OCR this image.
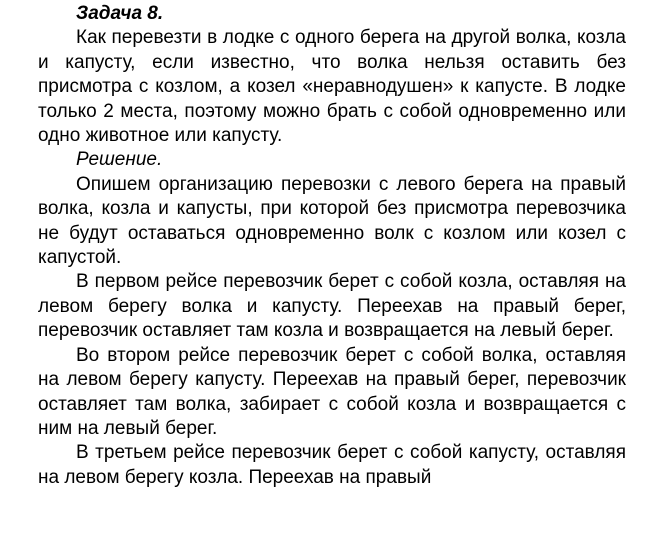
Задача 8.

Как перевезти в лодке с одного берега на другой волка, козла и капусту, если известно, что волка нельзя оставить без присмотра с козлом, а козел «неравнодушен» к капусте. В лодке только 2 места, поэтому можно брать с собой одновременно или одно животное или капусту.

Решение.

Опишем организацию перевозки с левого берега на правый волка, козла и капусты, при которой без присмотра перевозчика не будут оставаться одновременно волк с козлом или козел с капустой.

В первом рейсе перевозчик берет с собой козла, оставляя на левом берегу волка и капусту. Переехав на правый берег, перевозчик оставляет там козла и возвращается на левый берег.

Во втором рейсе перевозчик берет с собой волка, оставляя на левом берегу капусту. Переехав на правый берег, перевозчик оставляет там волка, забирает с собой козла и возвращается с ним на левый берег.

В третьем рейсе перевозчик берет с собой капусту, оставляя на левом берегу козла. Переехав на правый
